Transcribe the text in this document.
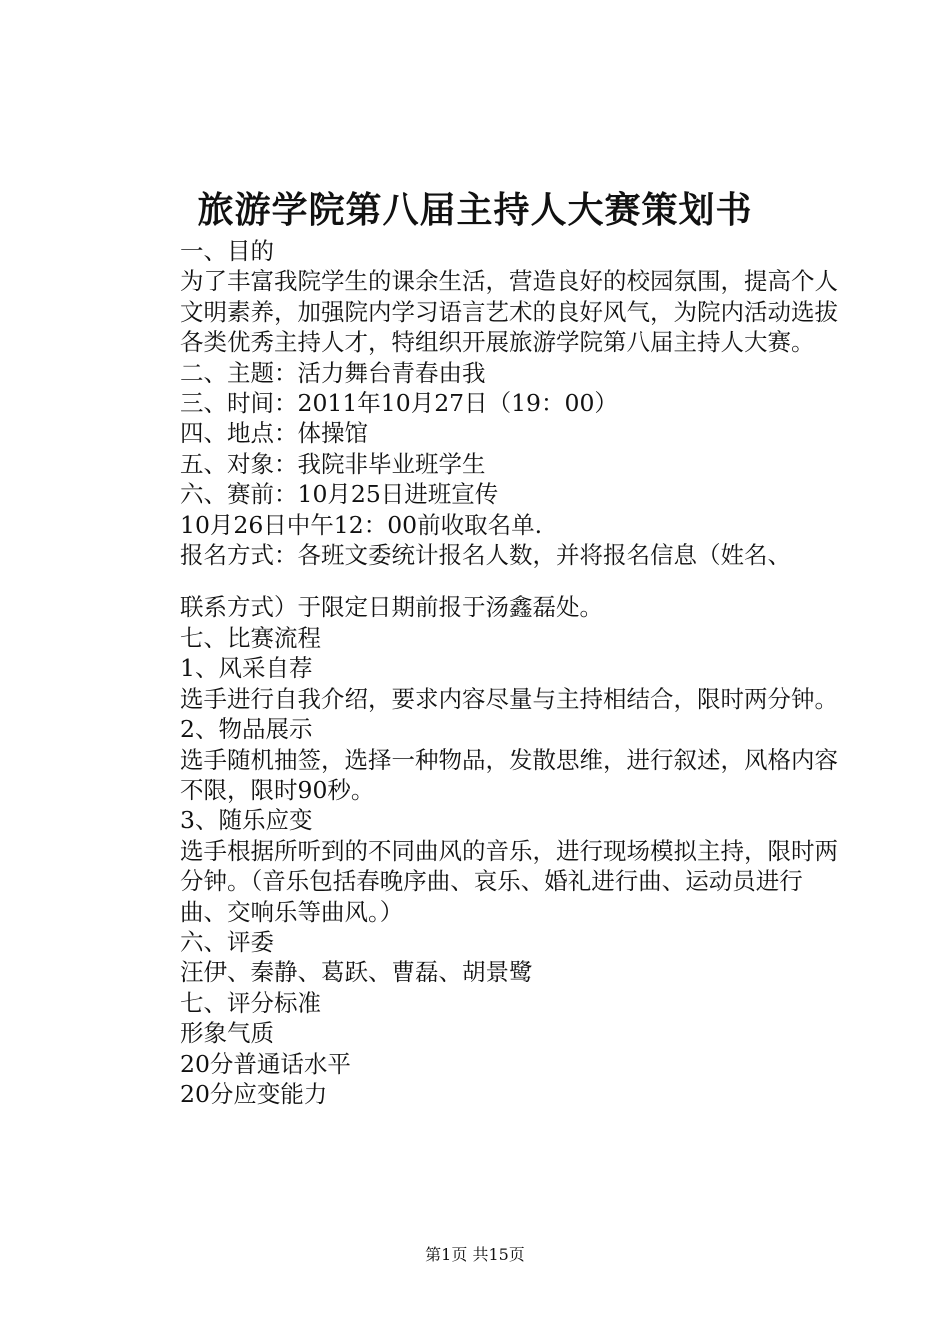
旅游学院第八届主持人大赛策划书

一、目的

为了丰富我院学生的课余生活，营造良好的校园氛围，提高个人文明素养，加强院内学习语言艺术的良好风气，为院内活动选拔各类优秀主持人才，特组织开展旅游学院第八届主持人大赛。

二、主题：活力舞台青春由我

三、时间：2011年10月27日（19：00）

四、地点：体操馆

五、对象：我院非毕业班学生

六、赛前：10月25日进班宣传

10月26日中午12：00前收取名单.

报名方式：各班文委统计报名人数，并将报名信息（姓名、

联系方式）于限定日期前报于汤鑫磊处。

七、比赛流程

1、风采自荐

选手进行自我介绍，要求内容尽量与主持相结合，限时两分钟。

2、物品展示

选手随机抽签，选择一种物品，发散思维，进行叙述，风格内容不限，限时90秒。

3、随乐应变

选手根据所听到的不同曲风的音乐，进行现场模拟主持，限时两分钟。（音乐包括春晚序曲、哀乐、婚礼进行曲、运动员进行曲、交响乐等曲风。）

六、评委

汪伊、秦静、葛跃、曹磊、胡景鹭

七、评分标准

形象气质

20分普通话水平

20分应变能力

第1页 共15页
